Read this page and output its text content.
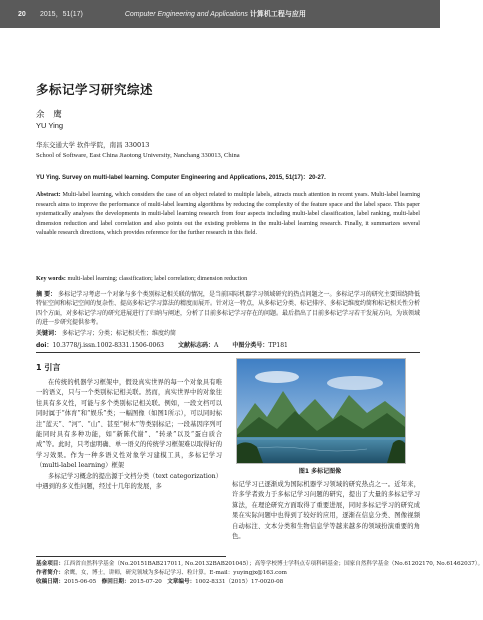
20	2015，51(17)	Computer Engineering and Applications 计算机工程与应用
多标记学习研究综述
余 鹰
YU Ying
华东交通大学 软件学院，南昌 330013
School of Software, East China Jiaotong University, Nanchang 330013, China
YU Ying. Survey on multi-label learning. Computer Engineering and Applications, 2015, 51(17)：20-27.
Abstract: Multi-label learning, which considers the case of an object related to multiple labels, attracts much attention in recent years. Multi-label learning research aims to improve the performance of multi-label learning algorithms by reducing the complexity of the feature space and the label space. This paper systematically analyses the developments in multi-label learning research from four aspects including multi-label classification, label ranking, multi-label dimension reduction and label correlation and also points out the existing problems in the multi-label learning research. Finally, it summarizes several valuable research directions, which provides reference for the further research in this field.
Key words: multi-label learning; classification; label correlation; dimension reduction
摘 要： 多标记学习考虑一个对象与多个类别标记相关联的情况，是当前国际机器学习领域研究的热点问题之一。多标记学习的研究主要围绕降低特征空间和标记空间的复杂性、提高多标记学习算法的精度而展开。针对这一特点，从多标记分类、标记排序、多标记维度约简和标记相关性分析四个方面，对多标记学习的研究进展进行了归纳与阐述，分析了目前多标记学习存在的问题。最后指出了目前多标记学习若干发展方向，为该领域的进一步研究提供参考。
关键词： 多标记学习；分类；标记相关性；维度约简
doi：10.3778/j.issn.1002-8331.1506-0063 文献标志码：A 中图分类号：TP181
1 引言

在传统的机器学习框架中，假设真实世界的每一个对象具有唯一的语义，只与一个类别标记相关联。然而，真实世界中的对象往往具有多义性，可能与多个类别标记相关联。例如，一段文档可以同时属于“体育”和“娱乐”类；一幅图像（如图1所示），可以同时标注“蓝天”、“河”、“山”、甚至“树木”等类别标记；一段基因序列可能同时具有多种功能，如“新陈代谢”、“转录”以及“蛋白质合成”等。此时，只考虑明确、单一语义的传统学习框架难以取得好的学习效果。作为一种多语义性对象学习建模工具，多标记学习（multi-label learning）框架

多标记学习概念的提出源于文档分类（text categorization）中遇到的多义性问题，经过十几年的发展，多

图1 多标记图像

标记学习已逐渐成为国际机器学习领域的研究热点之一。近年来，许多学者致力于多标记学习问题的研究，提出了大量的多标记学习算法，在理论研究方面取得了重要进展，同时多标记学习的研究成果在实际问题中也得到了较好的应用，逐渐在信息分类、图像视频自动标注、文本分类和生物信息学等越来越多的领域扮演重要的角色。

基金项目：江西省自然科学基金（No.20151BAB217011, No.20132BAB201045）；高等学校博士学科点专项科研基金；国家自然科学基金（No.61202170, No.61462037）。
作者简介：余鹰，女，博士，讲师，研究领域为多标记学习、粒计算。E-mail：yuyingjx@163.com
收稿日期：2015-06-05 修回日期：2015-07-20 文章编号：1002-8331（2015）17-0020-08
